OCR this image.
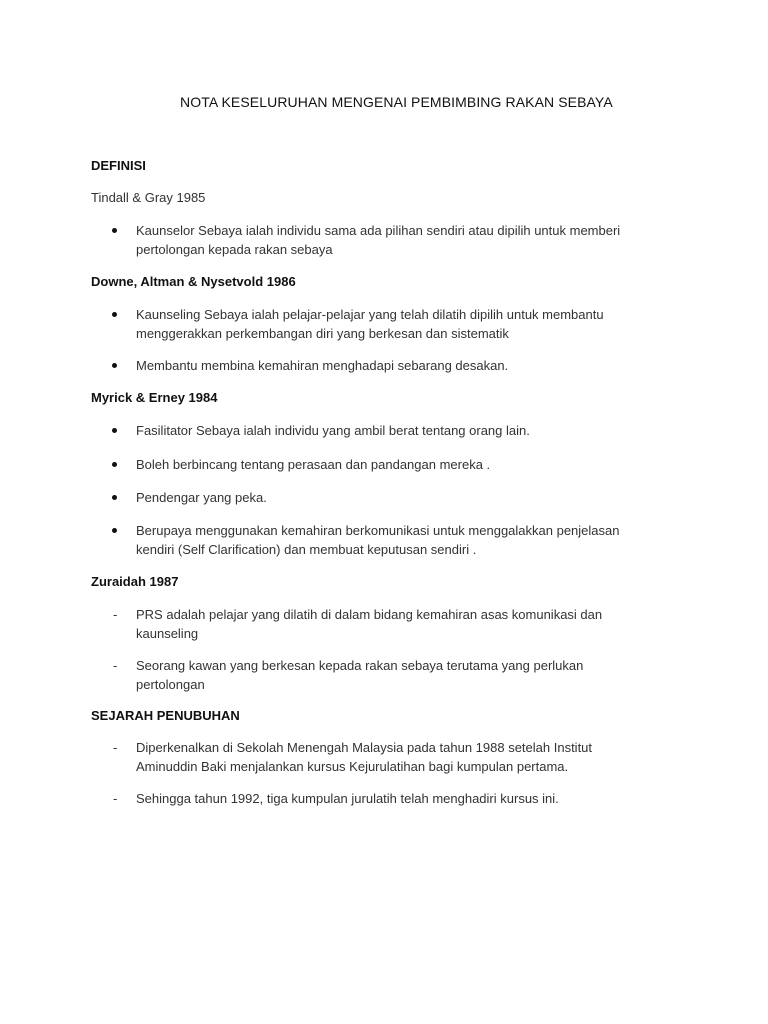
NOTA KESELURUHAN MENGENAI PEMBIMBING RAKAN SEBAYA
DEFINISI
Tindall & Gray 1985
Kaunselor Sebaya ialah individu sama ada pilihan sendiri atau dipilih untuk memberi pertolongan kepada rakan sebaya
Downe, Altman & Nysetvold 1986
Kaunseling Sebaya ialah pelajar-pelajar yang telah dilatih dipilih untuk membantu menggerakkan perkembangan diri yang berkesan dan sistematik
Membantu membina kemahiran menghadapi sebarang desakan.
Myrick & Erney 1984
Fasilitator Sebaya ialah individu yang ambil berat tentang orang lain.
Boleh berbincang tentang perasaan dan pandangan mereka .
Pendengar yang peka.
Berupaya menggunakan kemahiran berkomunikasi untuk menggalakkan penjelasan kendiri (Self Clarification) dan membuat keputusan sendiri .
Zuraidah 1987
- PRS adalah pelajar yang dilatih di dalam bidang kemahiran asas komunikasi dan kaunseling
- Seorang kawan yang berkesan kepada rakan sebaya terutama yang perlukan pertolongan
SEJARAH PENUBUHAN
- Diperkenalkan di Sekolah Menengah Malaysia pada tahun 1988 setelah Institut Aminuddin Baki menjalankan kursus Kejurulatihan bagi kumpulan pertama.
- Sehingga tahun 1992, tiga kumpulan jurulatih telah menghadiri kursus ini.
